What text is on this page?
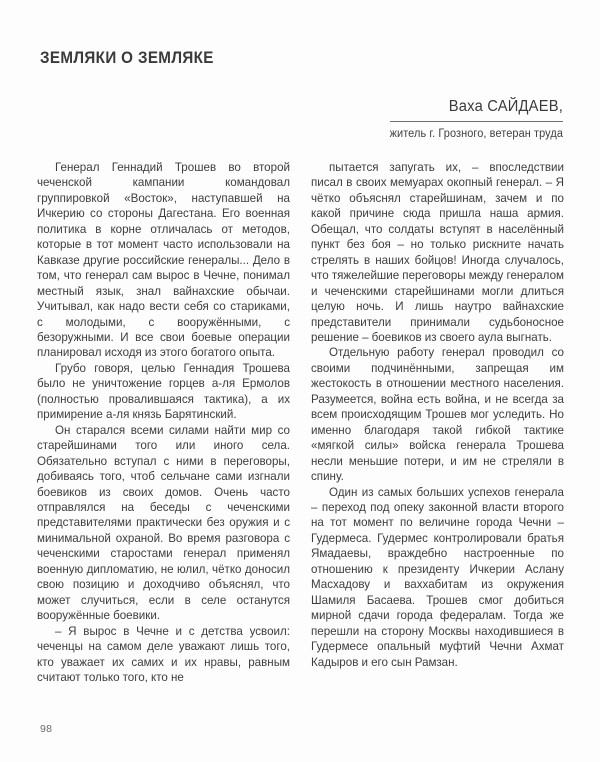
ЗЕМЛЯКИ О ЗЕМЛЯКЕ
Ваха САЙДАЕВ,
житель г. Грозного, ветеран труда

Генерал Геннадий Трошев во второй чеченской кампании командовал группировкой «Восток», наступавшей на Ичкерию со стороны Дагестана. Его военная политика в корне отличалась от методов, которые в тот момент часто использовали на Кавказе другие российские генералы... Дело в том, что генерал сам вырос в Чечне, понимал местный язык, знал вайнахские обычаи. Учитывал, как надо вести себя со стариками, с молодыми, с вооружёнными, с безоружными. И все свои боевые операции планировал исходя из этого богатого опыта.

Грубо говоря, целью Геннадия Трошева было не уничтожение горцев а-ля Ермолов (полностью провалившаяся тактика), а их примирение а-ля князь Барятинский.

Он старался всеми силами найти мир со старейшинами того или иного села. Обязательно вступал с ними в переговоры, добиваясь того, чтоб сельчане сами изгнали боевиков из своих домов. Очень часто отправлялся на беседы с чеченскими представителями практически без оружия и с минимальной охраной. Во время разговора с чеченскими старостами генерал применял военную дипломатию, не юлил, чётко доносил свою позицию и доходчиво объяснял, что может случиться, если в селе останутся вооружённые боевики.

– Я вырос в Чечне и с детства усвоил: чеченцы на самом деле уважают лишь того, кто уважает их самих и их нравы, равным считают только того, кто не

пытается запугать их, – впоследствии писал в своих мемуарах окопный генерал. – Я чётко объяснял старейшинам, зачем и по какой причине сюда пришла наша армия. Обещал, что солдаты вступят в населённый пункт без боя – но только рискните начать стрелять в наших бойцов! Иногда случалось, что тяжелейшие переговоры между генералом и чеченскими старейшинами могли длиться целую ночь. И лишь наутро вайнахские представители принимали судьбоносное решение – боевиков из своего аула выгнать.

Отдельную работу генерал проводил со своими подчинёнными, запрещая им жестокость в отношении местного населения. Разумеется, война есть война, и не всегда за всем происходящим Трошев мог уследить. Но именно благодаря такой гибкой тактике «мягкой силы» войска генерала Трошева несли меньшие потери, и им не стреляли в спину.

Один из самых больших успехов генерала – переход под опеку законной власти второго на тот момент по величине города Чечни – Гудермеса. Гудермес контролировали братья Ямадаевы, враждебно настроенные по отношению к президенту Ичкерии Аслану Масхадову и ваххабитам из окружения Шамиля Басаева. Трошев смог добиться мирной сдачи города федералам. Тогда же перешли на сторону Москвы находившиеся в Гудермесе опальный муфтий Чечни Ахмат Кадыров и его сын Рамзан.

98
